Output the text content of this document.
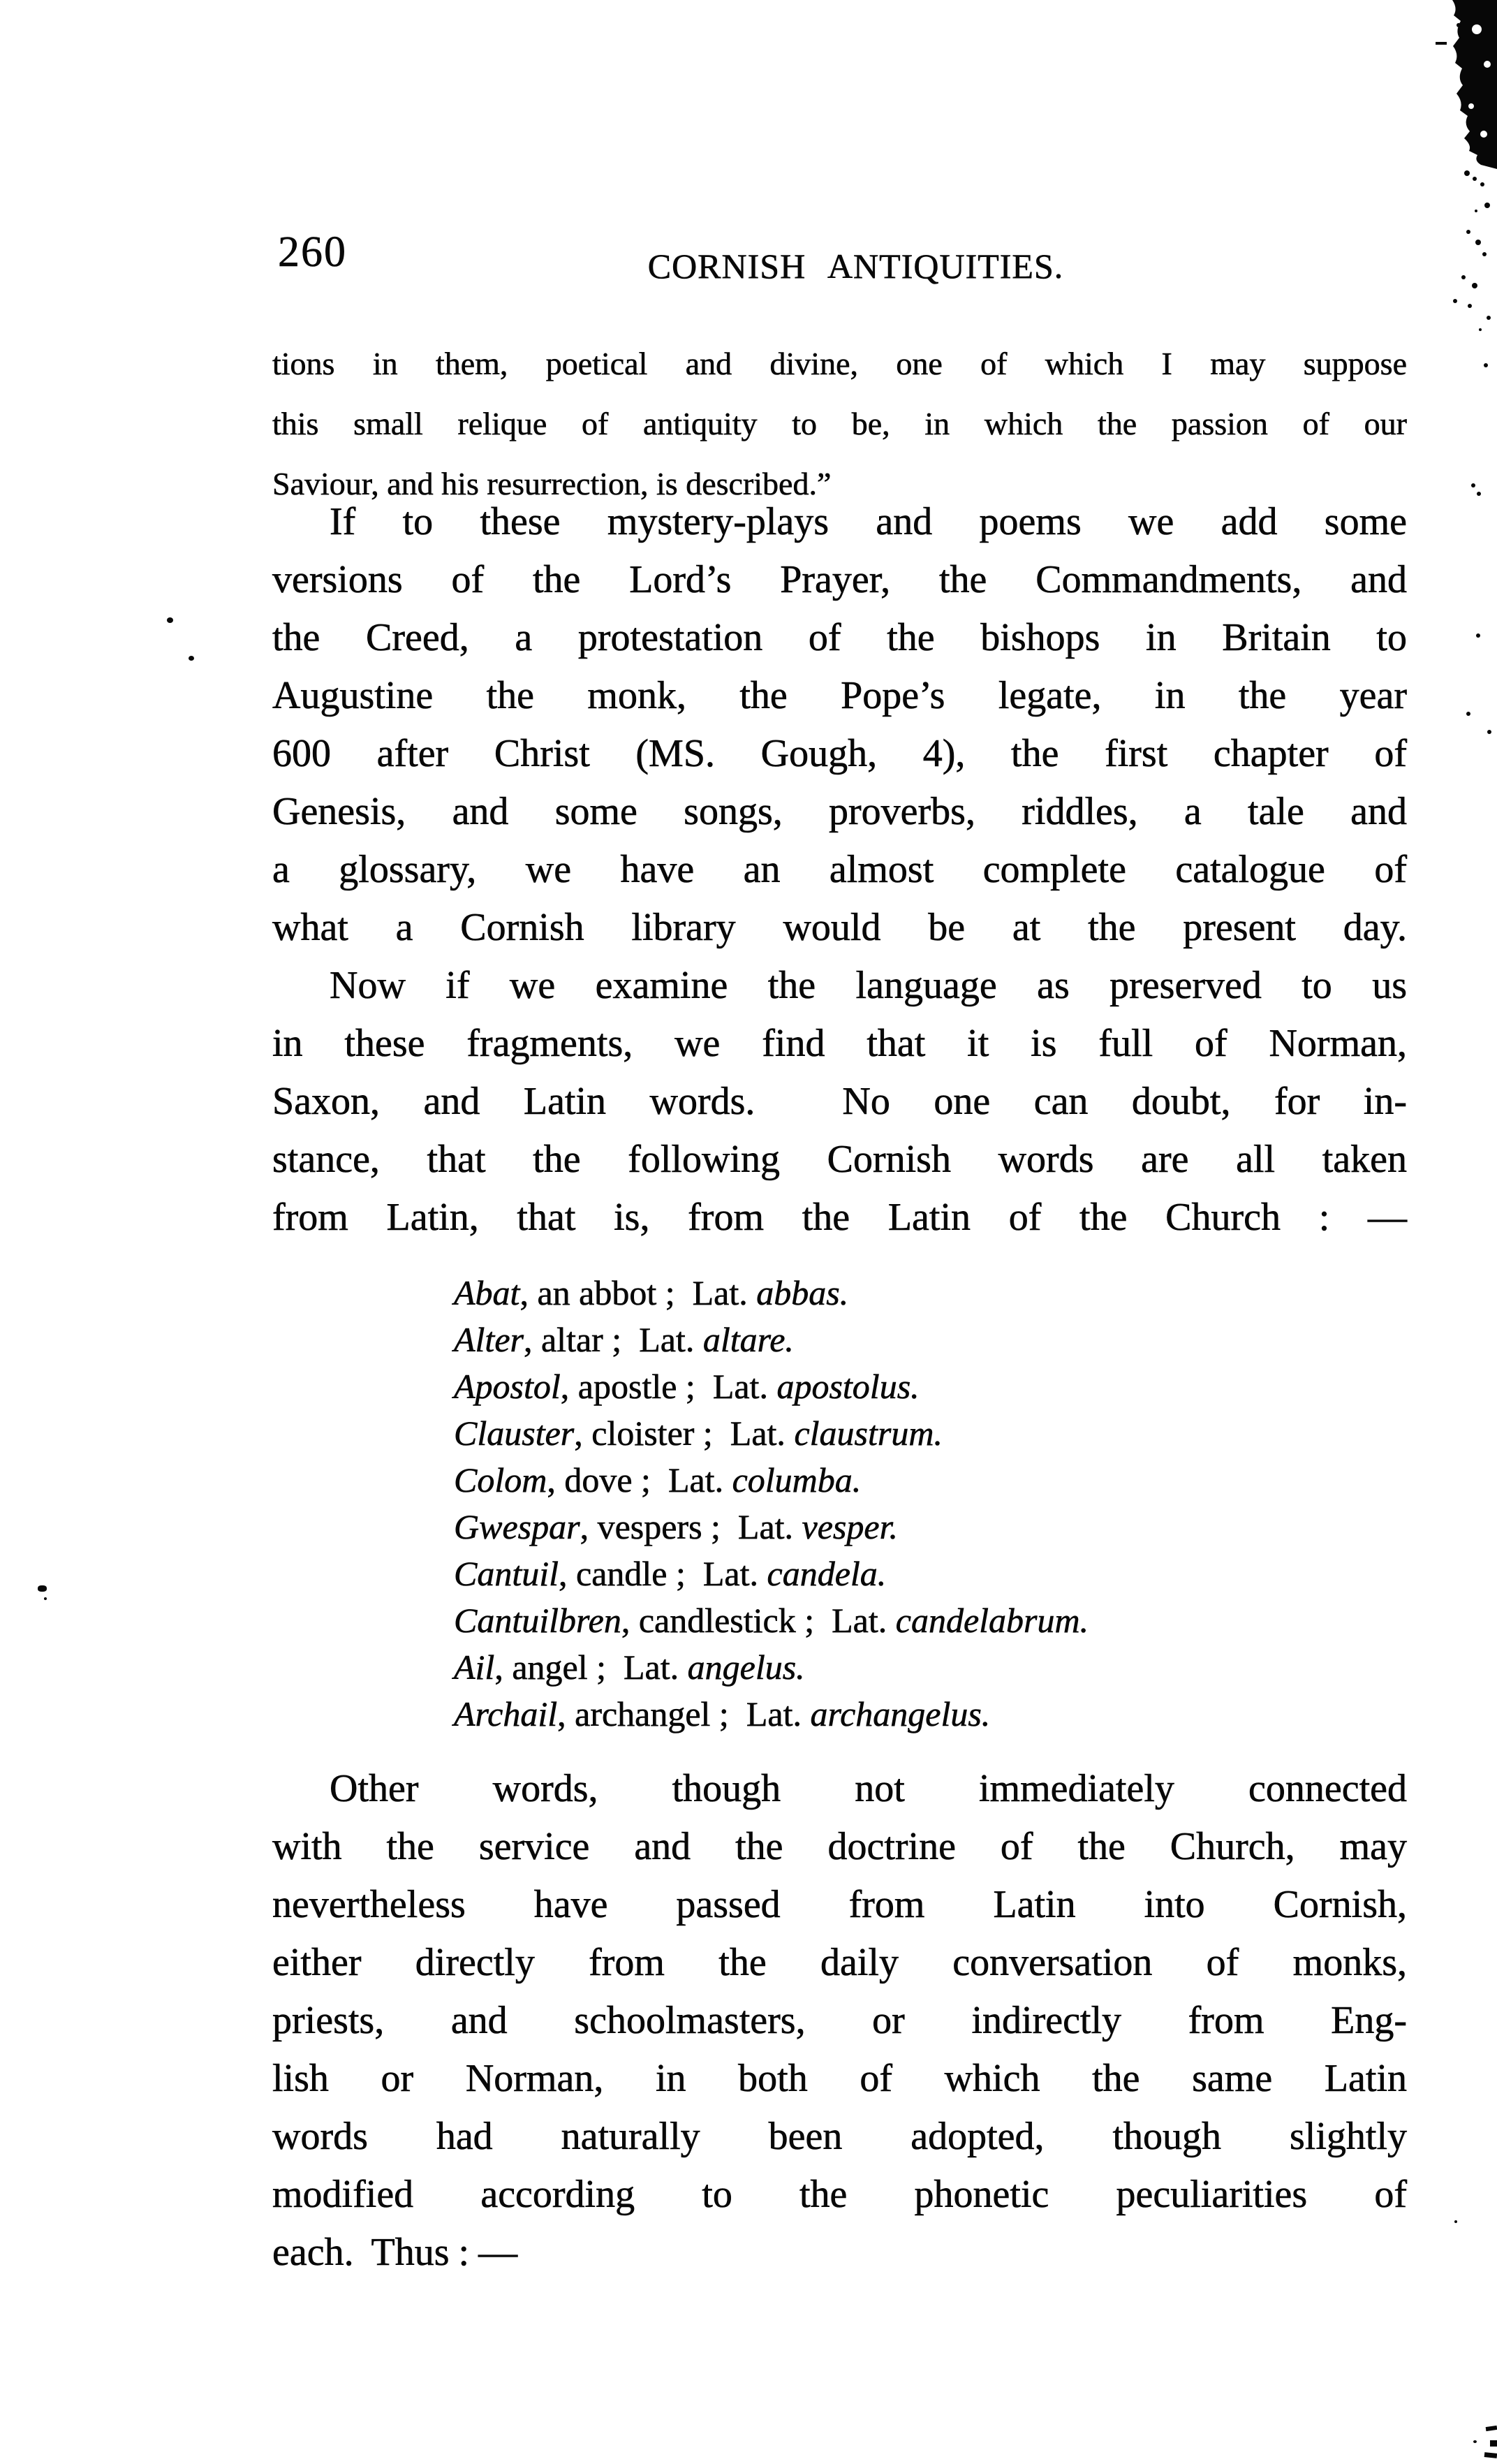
260	CORNISH ANTIQUITIES.
tions in them, poetical and divine, one of which I may suppose
this small relique of antiquity to be, in which the passion of our
Saviour, and his resurrection, is described.”
If to these mystery-plays and poems we add some
versions of the Lord’s Prayer, the Commandments, and
the Creed, a protestation of the bishops in Britain to
Augustine the monk, the Pope’s legate, in the year
600 after Christ (MS. Gough, 4), the first chapter of
Genesis, and some songs, proverbs, riddles, a tale and
a glossary, we have an almost complete catalogue of
what a Cornish library would be at the present day.
Now if we examine the language as preserved to us
in these fragments, we find that it is full of Norman,
Saxon, and Latin words.  No one can doubt, for in-
stance, that the following Cornish words are all taken
from Latin, that is, from the Latin of the Church : —
Abat, an abbot ;  Lat. abbas.
Alter, altar ;  Lat. altare.
Apostol, apostle ;  Lat. apostolus.
Clauster, cloister ;  Lat. claustrum.
Colom, dove ;  Lat. columba.
Gwespar, vespers ;  Lat. vesper.
Cantuil, candle ;  Lat. candela.
Cantuilbren, candlestick ;  Lat. candelabrum.
Ail, angel ;  Lat. angelus.
Archail, archangel ;  Lat. archangelus.
Other words, though not immediately connected
with the service and the doctrine of the Church, may
nevertheless have passed from Latin into Cornish,
either directly from the daily conversation of monks,
priests, and schoolmasters, or indirectly from Eng-
lish or Norman, in both of which the same Latin
words had naturally been adopted, though slightly
modified according to the phonetic peculiarities of
each.  Thus : —
